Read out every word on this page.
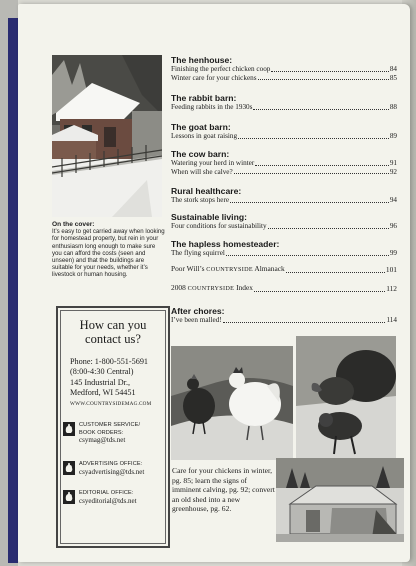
On the cover:
It’s easy to get carried away when looking for homestead property, but rein in your enthusiasm long enough to make sure you can afford the costs (seen and unseen) and that the buildings are suitable for your needs, whether it’s livestock or human housing.
How can you
contact us?
Phone: 1-800-551-5691
(8:00-4:30 Central)
145 Industrial Dr.,
Medford, WI 54451
WWW.COUNTRYSIDEMAG.COM
CUSTOMER SERVICE/
BOOK ORDERS:
csymag@tds.net
ADVERTISING OFFICE:
csyadvertising@tds.net
EDITORIAL OFFICE:
csyeditorial@tds.net
The henhouse:
Finishing the perfect chicken coop	84
Winter care for your chickens	85
The rabbit barn:
Feeding rabbits in the 1930s	88
The goat barn:
Lessons in goat raising	89
The cow barn:
Watering your herd in winter	91
When will she calve?	92
Rural healthcare:
The stork stops here	94
Sustainable living:
Four conditions for sustainability	96
The hapless homesteader:
The flying squirrel	99
Poor Will’s COUNTRYSIDE Almanack	101
2008 COUNTRYSIDE Index	112
After chores:
I’ve been malled!	114
Care for your chickens in winter, pg. 85; learn the signs of imminent calving, pg. 92; convert an old shed into a new greenhouse, pg. 62.
